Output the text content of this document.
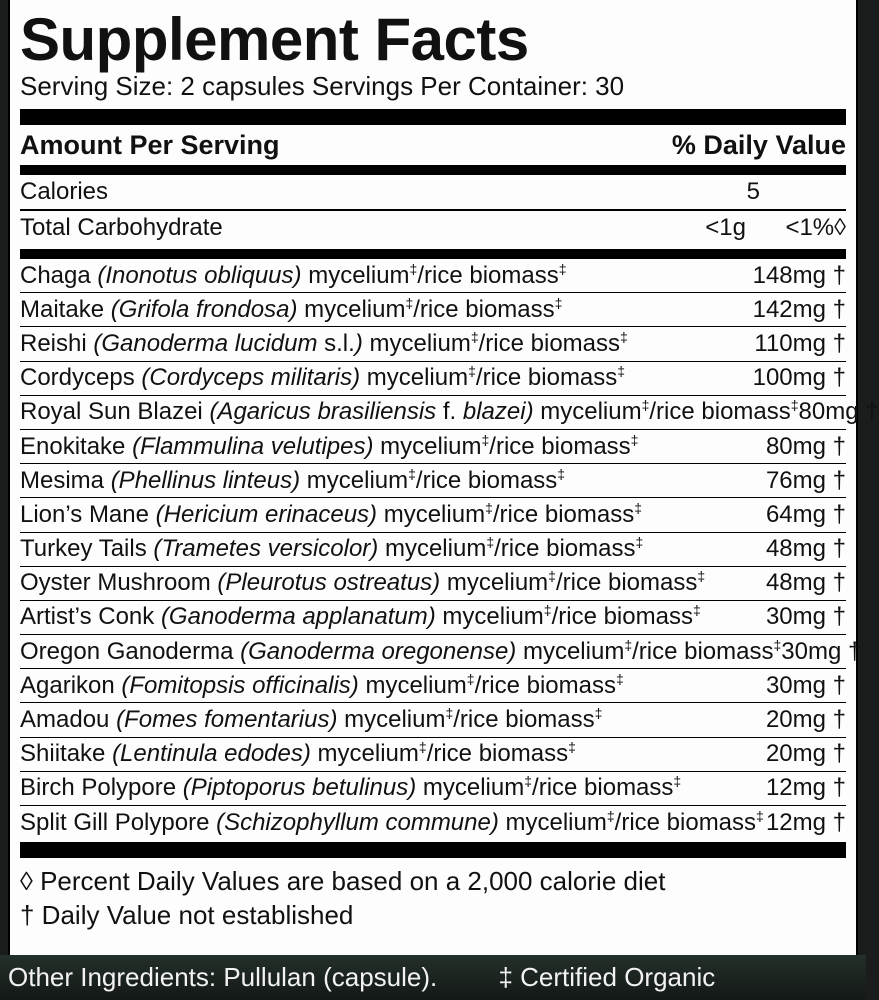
Supplement Facts
Serving Size: 2 capsules Servings Per Container: 30
Amount Per Serving	% Daily Value
Calories	5
Total Carbohydrate	<1g	<1%◊
Chaga (Inonotus obliquus) mycelium‡/rice biomass‡	148mg †
Maitake (Grifola frondosa) mycelium‡/rice biomass‡	142mg †
Reishi (Ganoderma lucidum s.l.) mycelium‡/rice biomass‡	110mg †
Cordyceps (Cordyceps militaris) mycelium‡/rice biomass‡	100mg †
Royal Sun Blazei (Agaricus brasiliensis f. blazei) mycelium‡/rice biomass‡ 80mg †
Enokitake (Flammulina velutipes) mycelium‡/rice biomass‡	80mg †
Mesima (Phellinus linteus) mycelium‡/rice biomass‡	76mg †
Lion’s Mane (Hericium erinaceus) mycelium‡/rice biomass‡	64mg †
Turkey Tails (Trametes versicolor) mycelium‡/rice biomass‡	48mg †
Oyster Mushroom (Pleurotus ostreatus) mycelium‡/rice biomass‡	48mg †
Artist’s Conk (Ganoderma applanatum) mycelium‡/rice biomass‡	30mg †
Oregon Ganoderma (Ganoderma oregonense) mycelium‡/rice biomass‡ 30mg †
Agarikon (Fomitopsis officinalis) mycelium‡/rice biomass‡	30mg †
Amadou (Fomes fomentarius) mycelium‡/rice biomass‡	20mg †
Shiitake (Lentinula edodes) mycelium‡/rice biomass‡	20mg †
Birch Polypore (Piptoporus betulinus) mycelium‡/rice biomass‡	12mg †
Split Gill Polypore (Schizophyllum commune) mycelium‡/rice biomass‡ 12mg †
◊ Percent Daily Values are based on a 2,000 calorie diet
† Daily Value not established
Other Ingredients: Pullulan (capsule). ‡ Certified Organic
